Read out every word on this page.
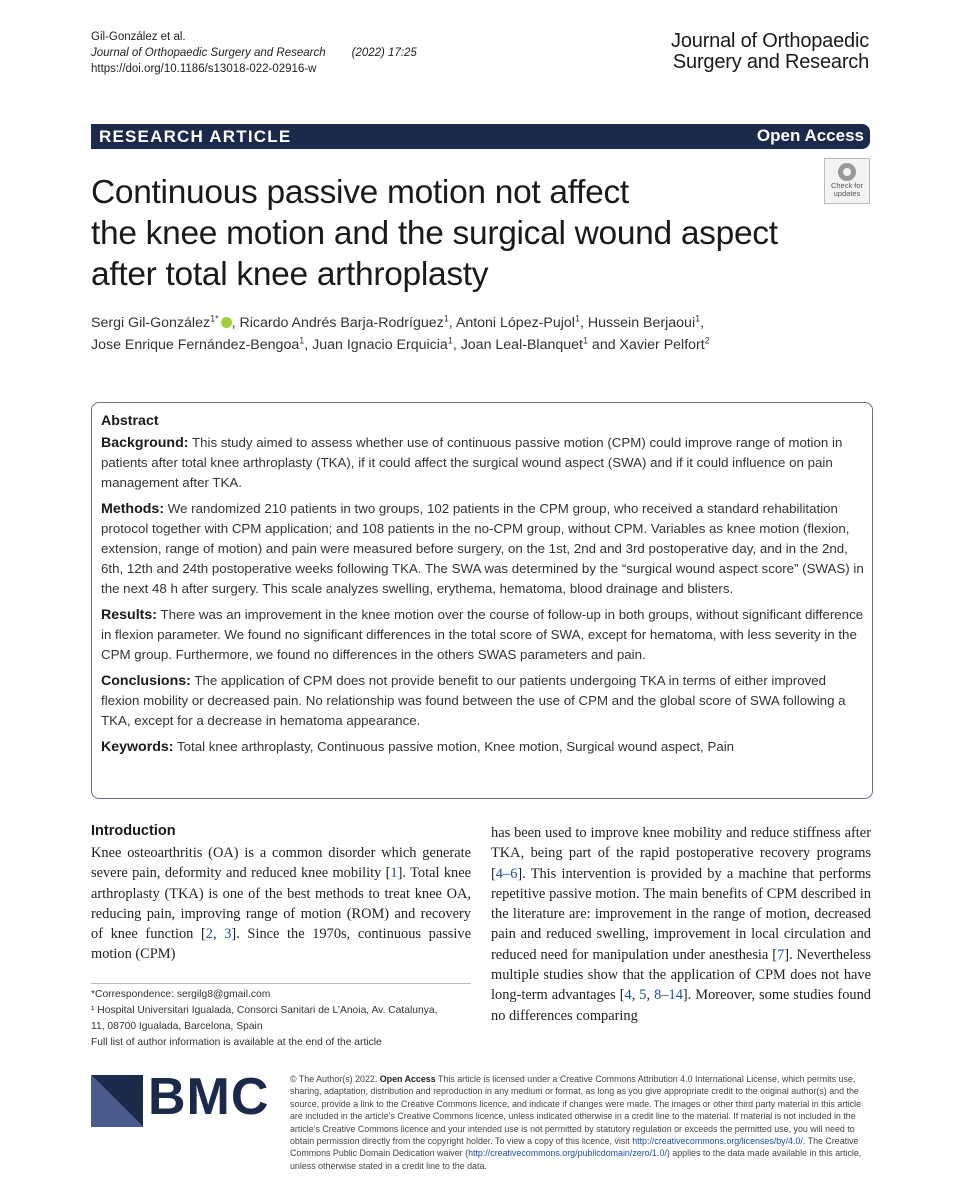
Gil-González et al.
Journal of Orthopaedic Surgery and Research (2022) 17:25
https://doi.org/10.1186/s13018-022-02916-w
Journal of Orthopaedic
Surgery and Research
RESEARCH ARTICLE	Open Access
Check for
updates
Continuous passive motion not affect
the knee motion and the surgical wound aspect
after total knee arthroplasty
Sergi Gil-González$^{1*}$ , Ricardo Andrés Barja-Rodríguez$^1$, Antoni López-Pujol$^1$, Hussein Berjaoui$^1$,
Jose Enrique Fernández-Bengoa$^1$, Juan Ignacio Erquicia$^1$, Joan Leal-Blanquet$^1$ and Xavier Pelfort$^2$

Abstract

Background: This study aimed to assess whether use of continuous passive motion (CPM) could improve range of motion in patients after total knee arthroplasty (TKA), if it could affect the surgical wound aspect (SWA) and if it could influence on pain management after TKA.

Methods: We randomized 210 patients in two groups, 102 patients in the CPM group, who received a standard rehabilitation protocol together with CPM application; and 108 patients in the no-CPM group, without CPM. Variables as knee motion (flexion, extension, range of motion) and pain were measured before surgery, on the 1st, 2nd and 3rd postoperative day, and in the 2nd, 6th, 12th and 24th postoperative weeks following TKA. The SWA was determined by the “surgical wound aspect score” (SWAS) in the next 48 h after surgery. This scale analyzes swelling, erythema, hematoma, blood drainage and blisters.

Results: There was an improvement in the knee motion over the course of follow-up in both groups, without significant difference in flexion parameter. We found no significant differences in the total score of SWA, except for hematoma, with less severity in the CPM group. Furthermore, we found no differences in the others SWAS parameters and pain.

Conclusions: The application of CPM does not provide benefit to our patients undergoing TKA in terms of either improved flexion mobility or decreased pain. No relationship was found between the use of CPM and the global score of SWA following a TKA, except for a decrease in hematoma appearance.

Keywords: Total knee arthroplasty, Continuous passive motion, Knee motion, Surgical wound aspect, Pain

Introduction
Knee osteoarthritis (OA) is a common disorder which generate severe pain, deformity and reduced knee mobility [1]. Total knee arthroplasty (TKA) is one of the best methods to treat knee OA, reducing pain, improving range of motion (ROM) and recovery of knee function [2, 3]. Since the 1970s, continuous passive motion (CPM)
has been used to improve knee mobility and reduce stiffness after TKA, being part of the rapid postoperative recovery programs [4–6]. This intervention is provided by a machine that performs repetitive passive motion. The main benefits of CPM described in the literature are: improvement in the range of motion, decreased pain and reduced swelling, improvement in local circulation and reduced need for manipulation under anesthesia [7]. Nevertheless multiple studies show that the application of CPM does not have long-term advantages [4, 5, 8–14]. Moreover, some studies found no differences comparing
*Correspondence: sergilg8@gmail.com
¹ Hospital Universitari Igualada, Consorci Sanitari de L’Anoia, Av. Catalunya,
11, 08700 Igualada, Barcelona, Spain
Full list of author information is available at the end of the article
BMC © The Author(s) 2022. Open Access This article is licensed under a Creative Commons Attribution 4.0 International License, which permits use, sharing, adaptation, distribution and reproduction in any medium or format, as long as you give appropriate credit to the original author(s) and the source, provide a link to the Creative Commons licence, and indicate if changes were made. The images or other third party material in this article are included in the article’s Creative Commons licence, unless indicated otherwise in a credit line to the material. If material is not included in the article’s Creative Commons licence and your intended use is not permitted by statutory regulation or exceeds the permitted use, you will need to obtain permission directly from the copyright holder. To view a copy of this licence, visit http://creativecommons.org/licenses/by/4.0/. The Creative Commons Public Domain Dedication waiver (http://creativecommons.org/publicdomain/zero/1.0/) applies to the data made available in this article, unless otherwise stated in a credit line to the data.
